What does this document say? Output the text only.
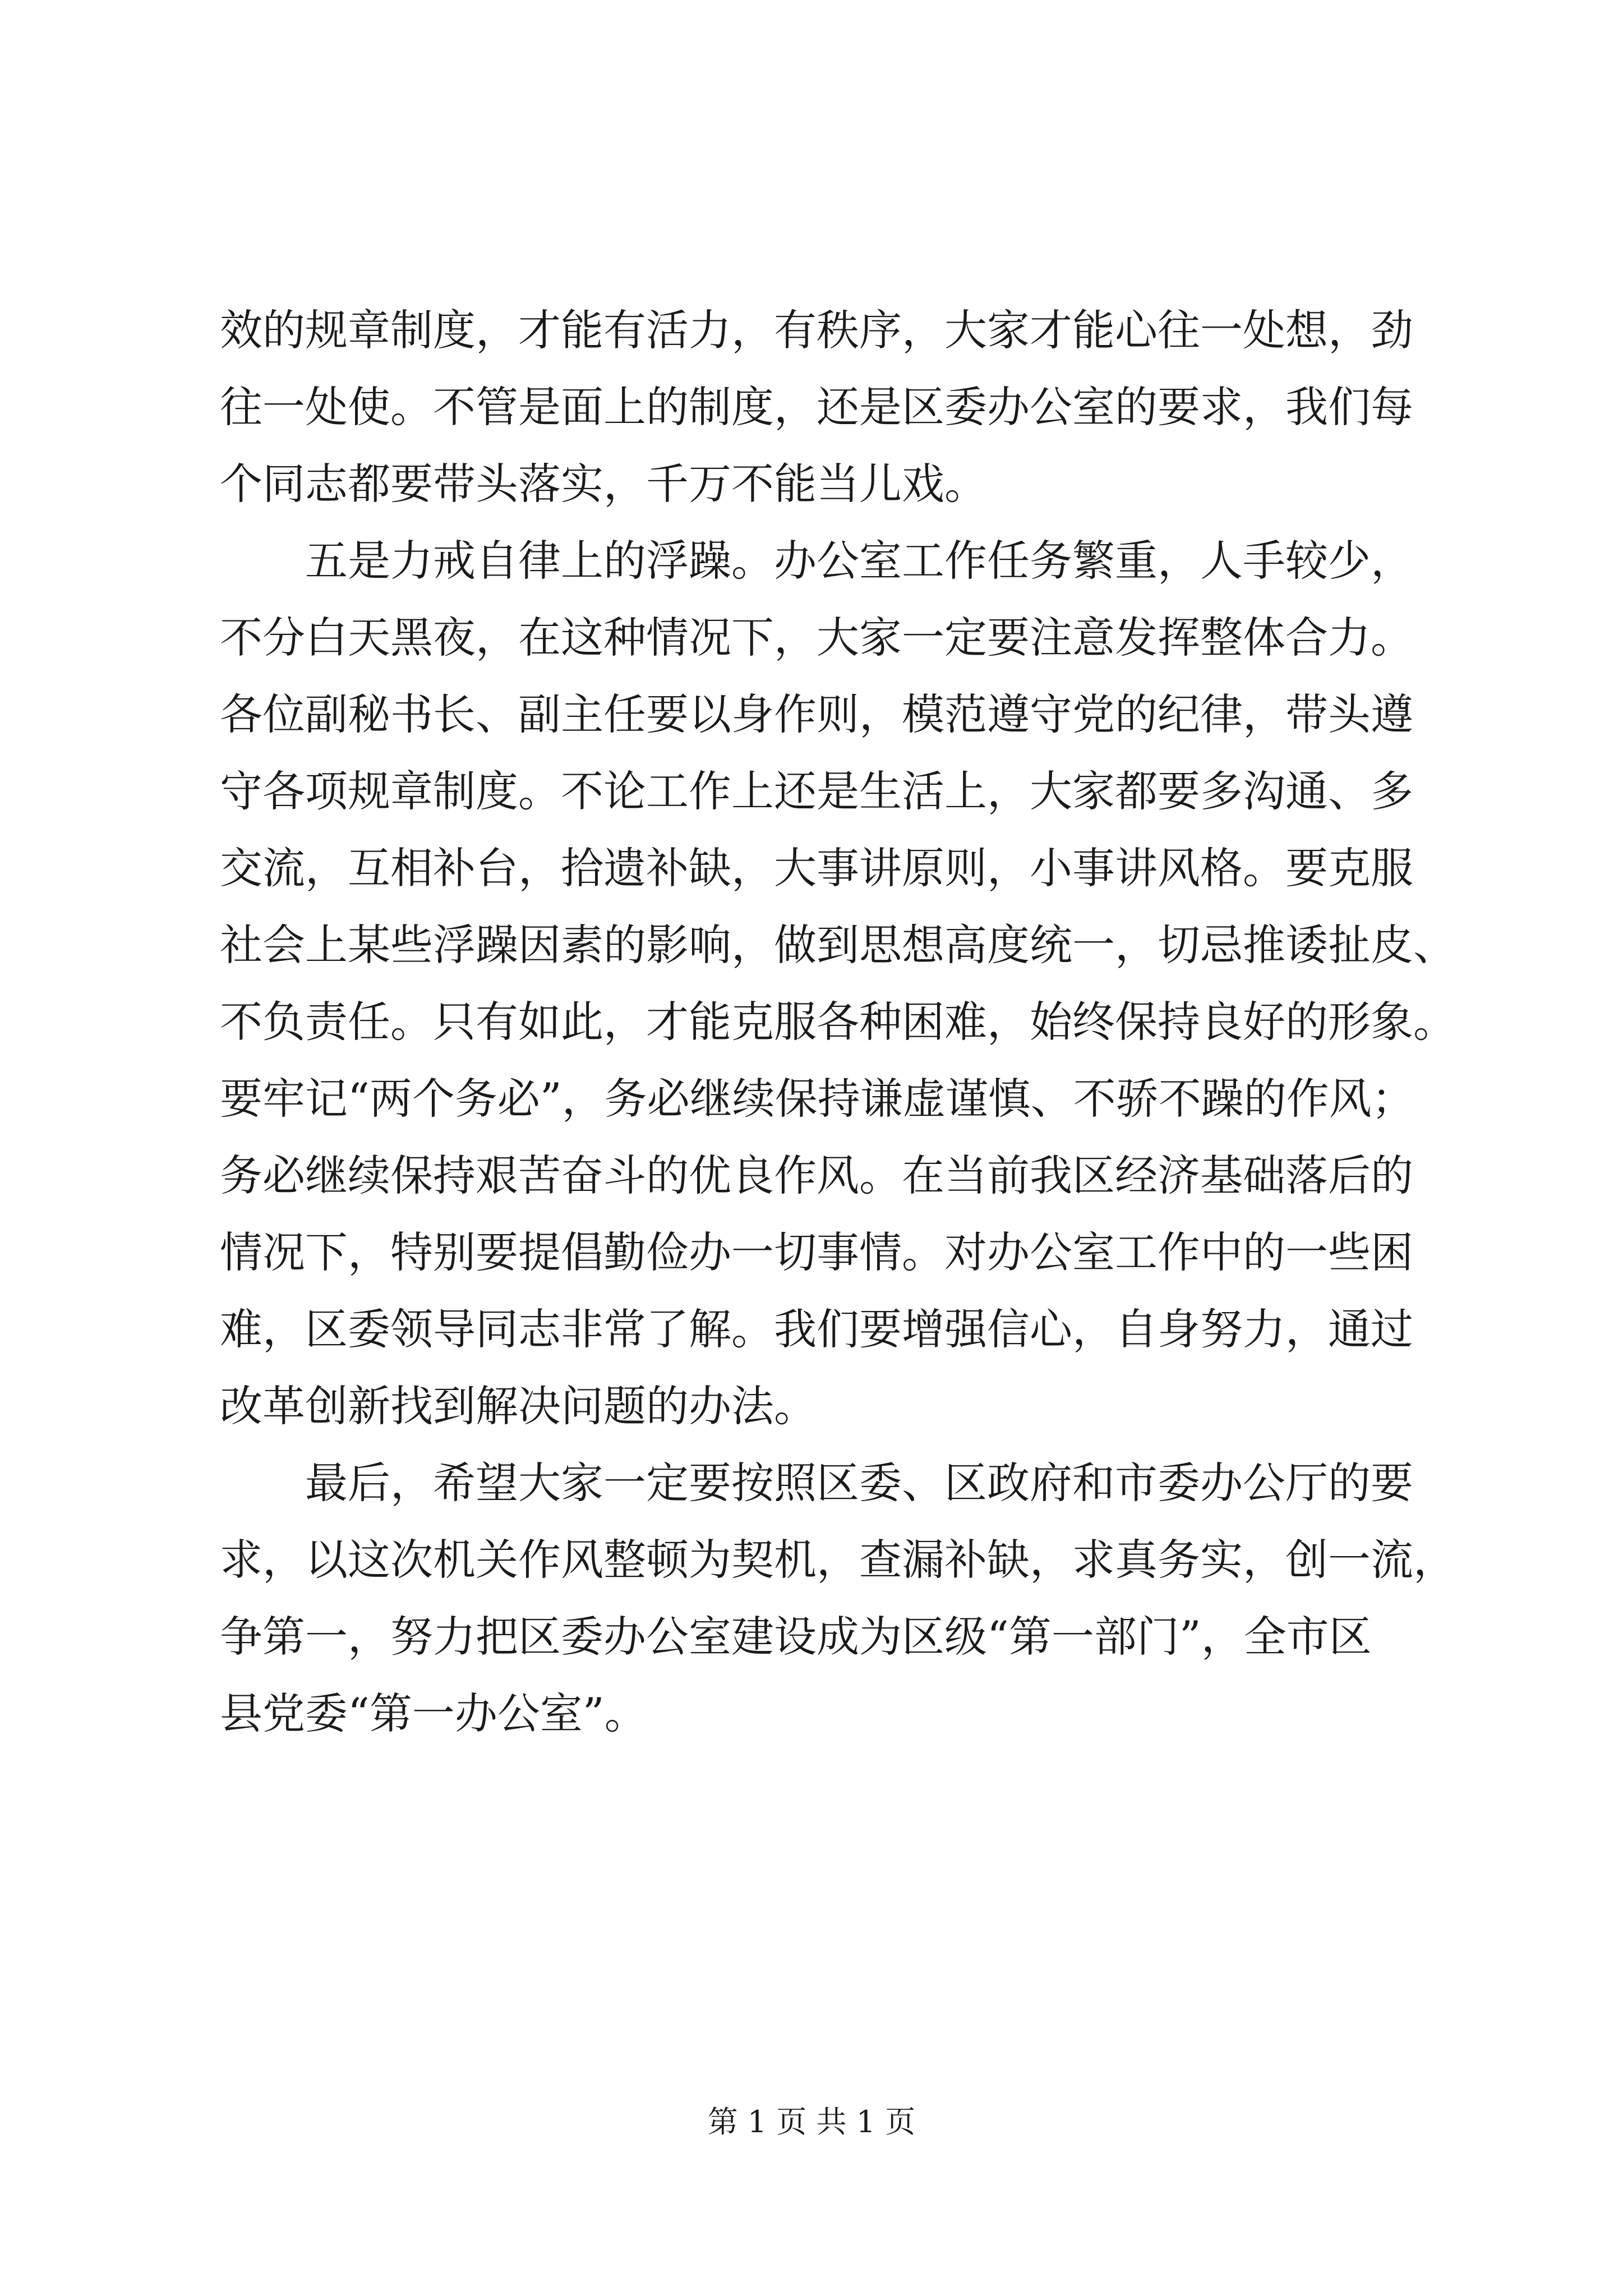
效的规章制度，才能有活力，有秩序，大家才能心往一处想，劲
往一处使。不管是面上的制度，还是区委办公室的要求，我们每
个同志都要带头落实，千万不能当儿戏。
五是力戒自律上的浮躁。办公室工作任务繁重，人手较少，
不分白天黑夜，在这种情况下，大家一定要注意发挥整体合力。
各位副秘书长、副主任要以身作则，模范遵守党的纪律，带头遵
守各项规章制度。不论工作上还是生活上，大家都要多沟通、多
交流，互相补台，拾遗补缺，大事讲原则，小事讲风格。要克服
社会上某些浮躁因素的影响，做到思想高度统一，切忌推诿扯皮、
不负责任。只有如此，才能克服各种困难，始终保持良好的形象。
要牢记“两个务必”，务必继续保持谦虚谨慎、不骄不躁的作风；
务必继续保持艰苦奋斗的优良作风。在当前我区经济基础落后的
情况下，特别要提倡勤俭办一切事情。对办公室工作中的一些困
难，区委领导同志非常了解。我们要增强信心，自身努力，通过
改革创新找到解决问题的办法。
最后，希望大家一定要按照区委、区政府和市委办公厅的要
求，以这次机关作风整顿为契机，查漏补缺，求真务实，创一流，
争第一，努力把区委办公室建设成为区级“第一部门”，全市区
县党委“第一办公室”。
第 1 页 共 1 页
